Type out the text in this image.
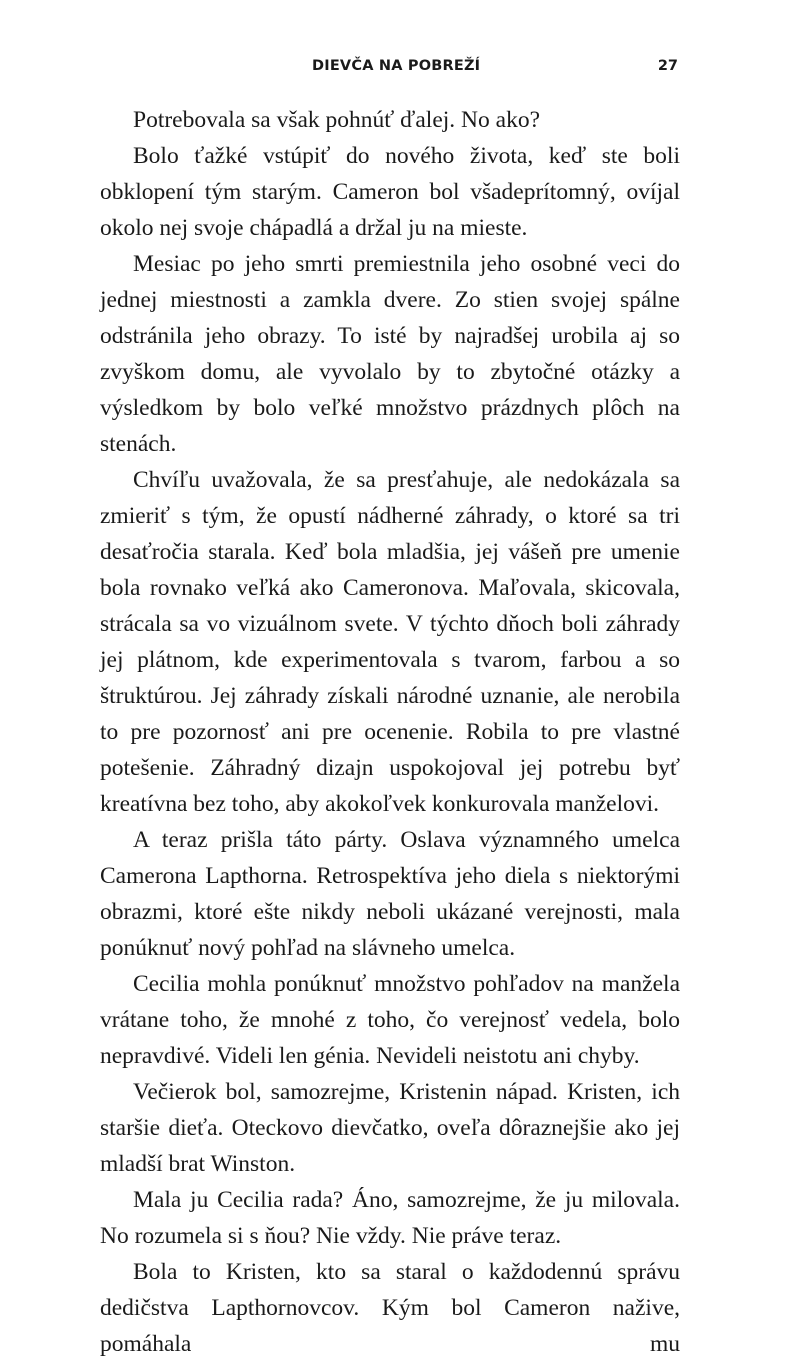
DIEVČA NA POBREŽÍ	27

Potrebovala sa však pohnúť ďalej. No ako?

Bolo ťažké vstúpiť do nového života, keď ste boli obklopení tým starým. Cameron bol všadeprítomný, ovíjal okolo nej svoje chápadlá a držal ju na mieste.

Mesiac po jeho smrti premiestnila jeho osobné veci do jednej miestnosti a zamkla dvere. Zo stien svojej spálne odstránila jeho obrazy. To isté by najradšej urobila aj so zvyškom domu, ale vyvolalo by to zbytočné otázky a výsledkom by bolo veľké množstvo prázdnych plôch na stenách.

Chvíľu uvažovala, že sa presťahuje, ale nedokázala sa zmieriť s tým, že opustí nádherné záhrady, o ktoré sa tri desaťročia starala. Keď bola mladšia, jej vášeň pre umenie bola rovnako veľká ako Cameronova. Maľovala, skicovala, strácala sa vo vizuálnom svete. V týchto dňoch boli záhrady jej plátnom, kde experimentovala s tvarom, farbou a so štruktúrou. Jej záhrady získali národné uznanie, ale nerobila to pre pozornosť ani pre ocenenie. Robila to pre vlastné potešenie. Záhradný dizajn uspokojoval jej potrebu byť kreatívna bez toho, aby akokoľvek konkurovala manželovi.

A teraz prišla táto párty. Oslava významného umelca Camerona Lapthorna. Retrospektíva jeho diela s niektorými obrazmi, ktoré ešte nikdy neboli ukázané verejnosti, mala ponúknuť nový pohľad na slávneho umelca.

Cecilia mohla ponúknuť množstvo pohľadov na manžela vrátane toho, že mnohé z toho, čo verejnosť vedela, bolo nepravdivé. Videli len génia. Nevideli neistotu ani chyby.

Večierok bol, samozrejme, Kristenin nápad. Kristen, ich staršie dieťa. Oteckovo dievčatko, oveľa dôraznejšie ako jej mladší brat Winston.

Mala ju Cecilia rada? Áno, samozrejme, že ju milovala. No rozumela si s ňou? Nie vždy. Nie práve teraz.

Bola to Kristen, kto sa staral o každodennú správu dedičstva Lapthornovcov. Kým bol Cameron nažive, pomáhala mu
